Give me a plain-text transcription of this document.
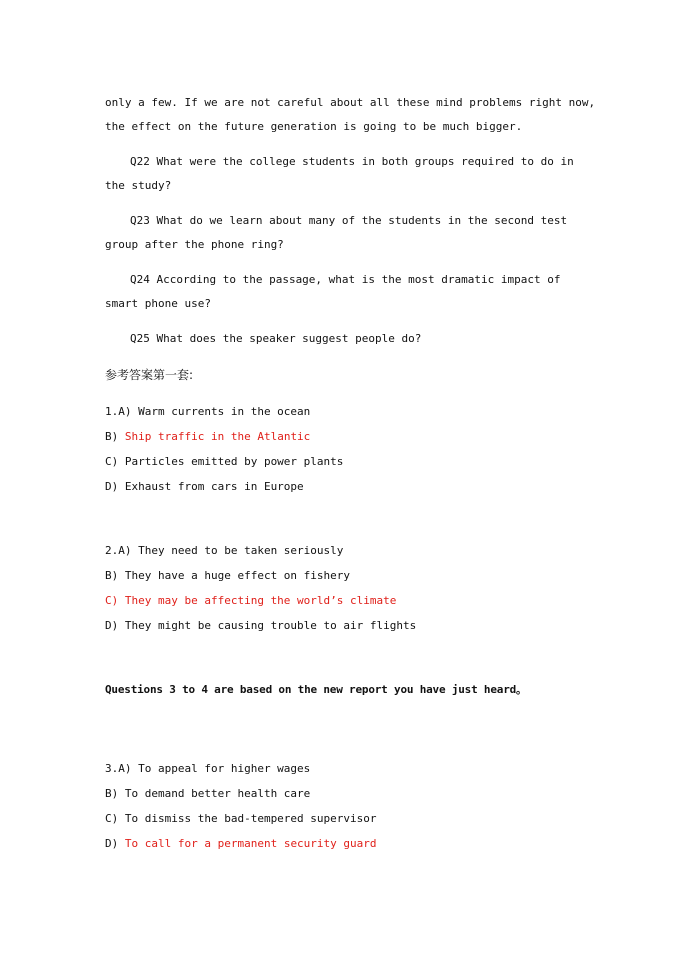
only a few. If we are not careful about all these mind problems right now,
the effect on the future generation is going to be much bigger.
Q22 What were the college students in both groups required to do in
the study?
Q23 What do we learn about many of the students in the second test
group after the phone ring?
Q24 According to the passage, what is the most dramatic impact of
smart phone use?
Q25 What does the speaker suggest people do?
参考答案第一套:
1.A) Warm currents in the ocean
B) Ship traffic in the Atlantic
C) Particles emitted by power plants
D) Exhaust from cars in Europe
2.A) They need to be taken seriously
B) They have a huge effect on fishery
C) They may be affecting the world’s climate
D) They might be causing trouble to air flights
Questions 3 to 4 are based on the new report you have just heard。
3.A) To appeal for higher wages
B) To demand better health care
C) To dismiss the bad-tempered supervisor
D) To call for a permanent security guard
